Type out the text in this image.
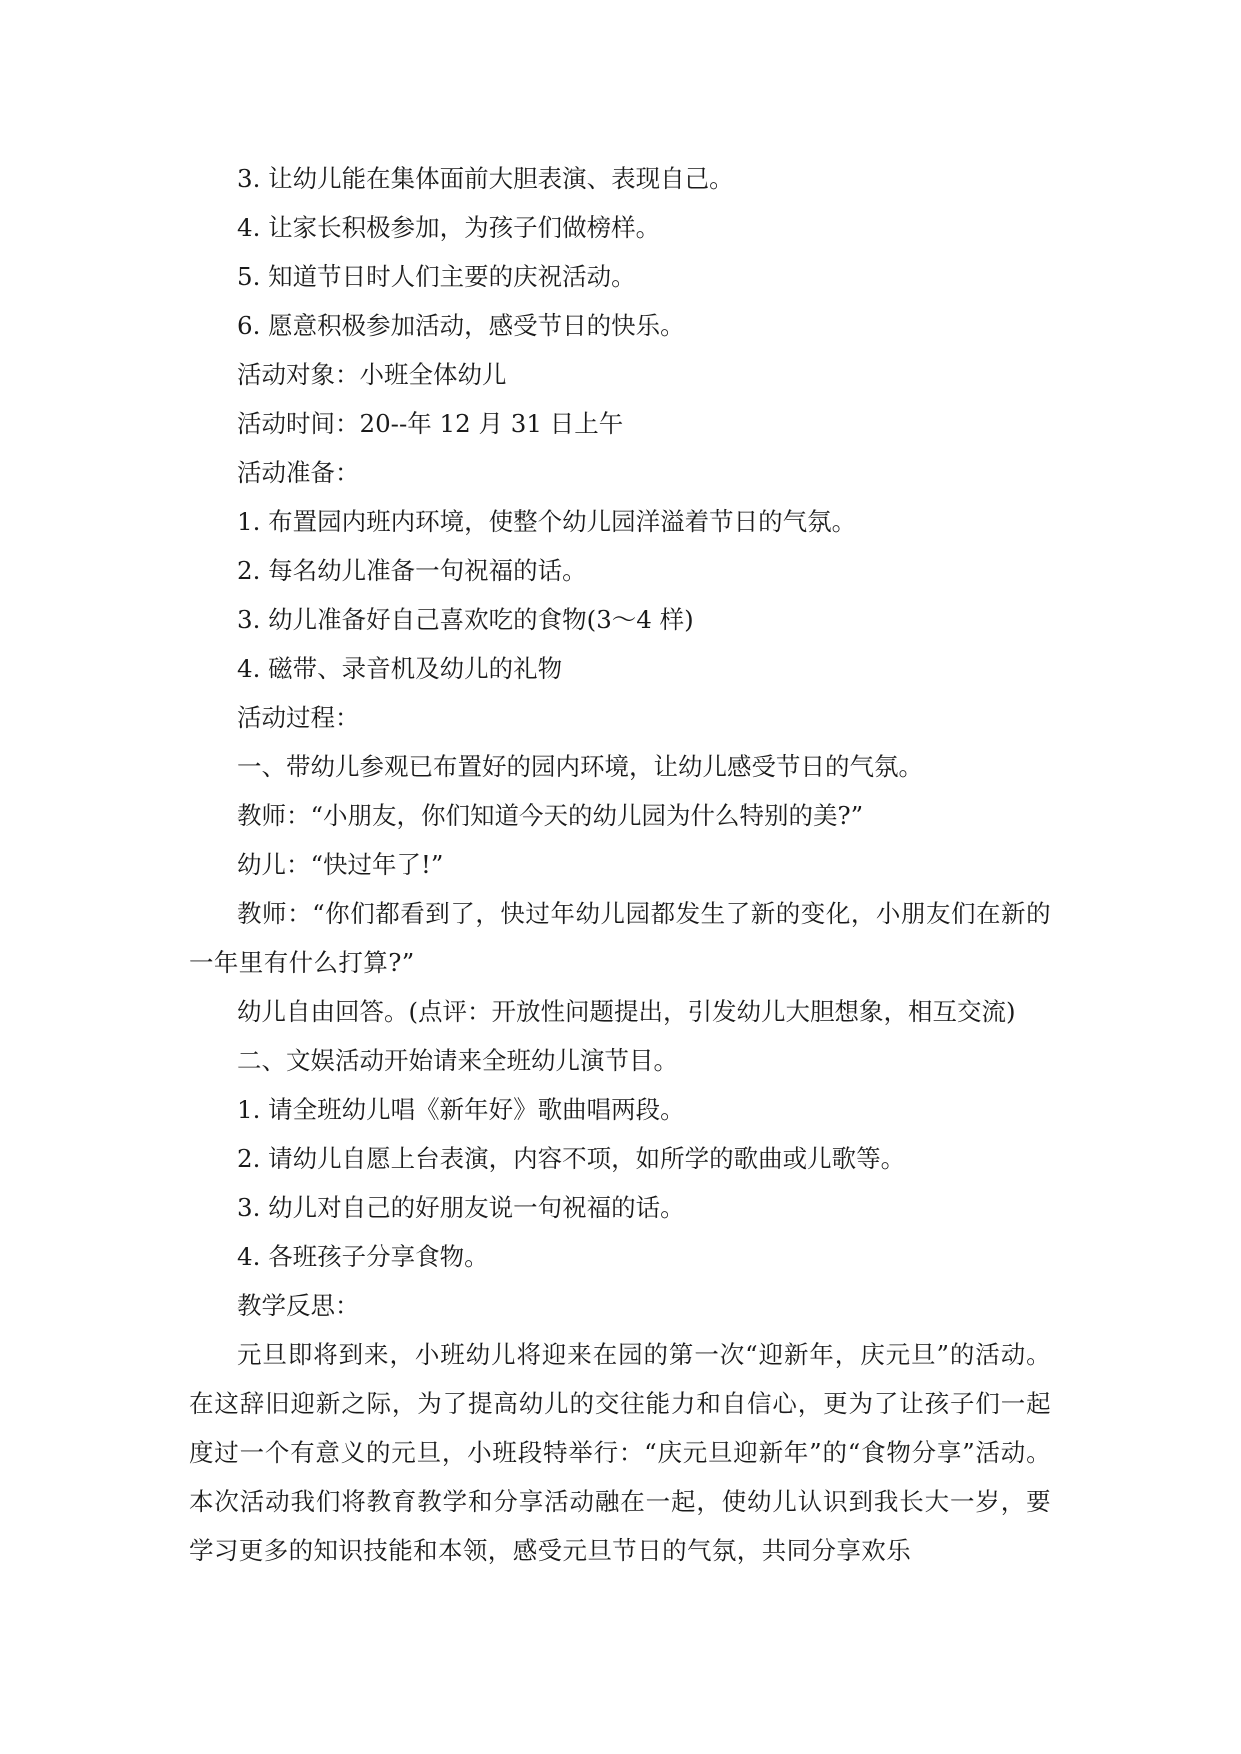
3. 让幼儿能在集体面前大胆表演、表现自己。

4. 让家长积极参加，为孩子们做榜样。

5. 知道节日时人们主要的庆祝活动。

6. 愿意积极参加活动，感受节日的快乐。

活动对象：小班全体幼儿

活动时间：20--年 12 月 31 日上午

活动准备：

1. 布置园内班内环境，使整个幼儿园洋溢着节日的气氛。

2. 每名幼儿准备一句祝福的话。

3. 幼儿准备好自己喜欢吃的食物(3～4 样)

4. 磁带、录音机及幼儿的礼物

活动过程：

一、带幼儿参观已布置好的园内环境，让幼儿感受节日的气氛。

教师：“小朋友，你们知道今天的幼儿园为什么特别的美?”

幼儿：“快过年了!”

教师：“你们都看到了，快过年幼儿园都发生了新的变化，小朋友们在新的一年里有什么打算?”

幼儿自由回答。(点评：开放性问题提出，引发幼儿大胆想象，相互交流)

二、文娱活动开始请来全班幼儿演节目。

1. 请全班幼儿唱《新年好》歌曲唱两段。

2. 请幼儿自愿上台表演，内容不项，如所学的歌曲或儿歌等。

3. 幼儿对自己的好朋友说一句祝福的话。

4. 各班孩子分享食物。

教学反思：

元旦即将到来，小班幼儿将迎来在园的第一次“迎新年，庆元旦”的活动。在这辞旧迎新之际，为了提高幼儿的交往能力和自信心，更为了让孩子们一起度过一个有意义的元旦，小班段特举行：“庆元旦迎新年”的“食物分享”活动。本次活动我们将教育教学和分享活动融在一起，使幼儿认识到我长大一岁，要学习更多的知识技能和本领，感受元旦节日的气氛，共同分享欢乐
